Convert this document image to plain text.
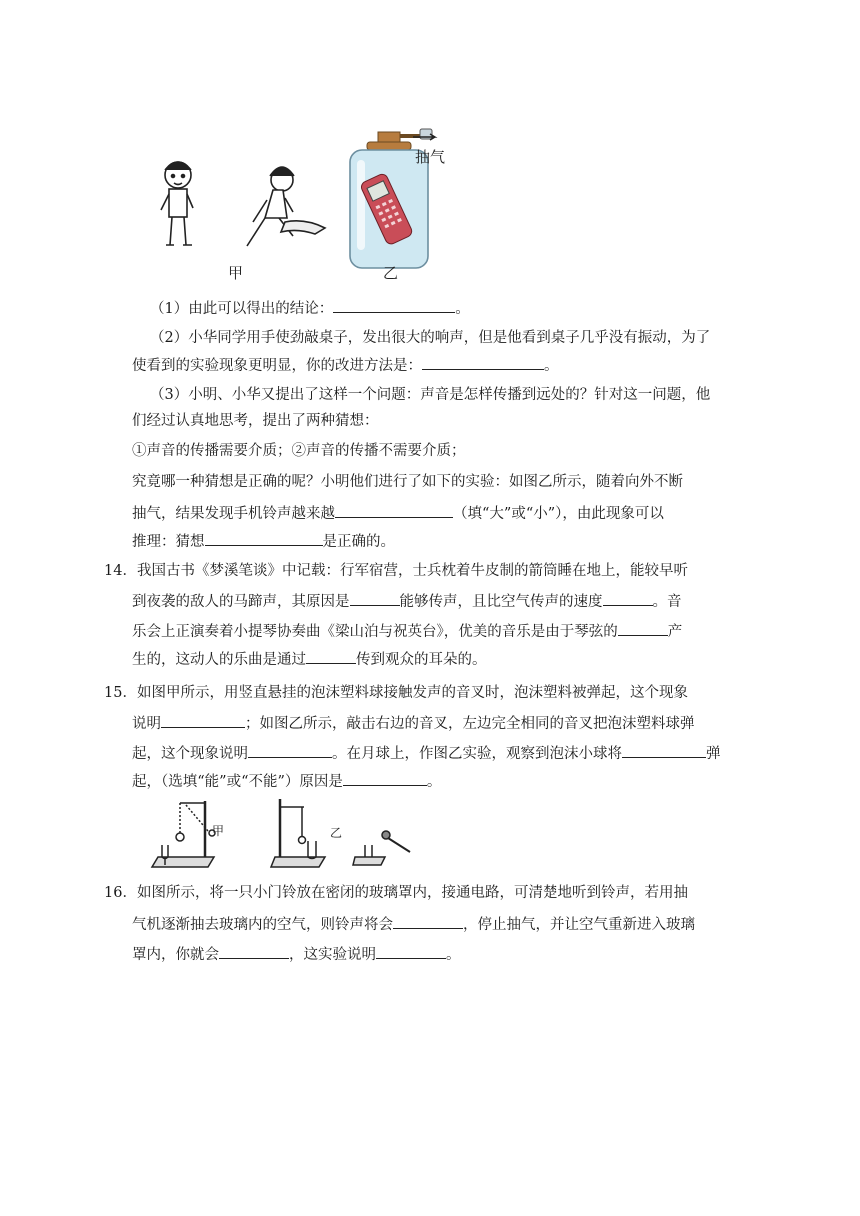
抽气
甲	乙
（1）由此可以得出的结论：	。
（2）小华同学用手使劲敲桌子，发出很大的响声，但是他看到桌子几乎没有振动，为了
使看到的实验现象更明显，你的改进方法是：	。
（3）小明、小华又提出了这样一个问题：声音是怎样传播到远处的？针对这一问题，他
们经过认真地思考，提出了两种猜想：
①声音的传播需要介质；②声音的传播不需要介质；
究竟哪一种猜想是正确的呢？小明他们进行了如下的实验：如图乙所示，随着向外不断
抽气，结果发现手机铃声越来越	（填“大”或“小”），由此现象可以
推理：猜想	是正确的。
14．我国古书《梦溪笔谈》中记载：行军宿营，士兵枕着牛皮制的箭筒睡在地上，能较早听
到夜袭的敌人的马蹄声，其原因是	能够传声，且比空气传声的速度	。音
乐会上正演奏着小提琴协奏曲《梁山泊与祝英台》，优美的音乐是由于琴弦的	产
生的，这动人的乐曲是通过	传到观众的耳朵的。
15．如图甲所示，用竖直悬挂的泡沫塑料球接触发声的音叉时，泡沫塑料被弹起，这个现象
说明	；如图乙所示，敲击右边的音叉，左边完全相同的音叉把泡沫塑料球弹
起，这个现象说明	。在月球上，作图乙实验，观察到泡沫小球将	弹
起，（选填“能”或“不能”）原因是	。
甲	乙
16．如图所示，将一只小门铃放在密闭的玻璃罩内，接通电路，可清楚地听到铃声，若用抽
气机逐渐抽去玻璃内的空气，则铃声将会	，停止抽气，并让空气重新进入玻璃
罩内，你就会	，这实验说明	。
